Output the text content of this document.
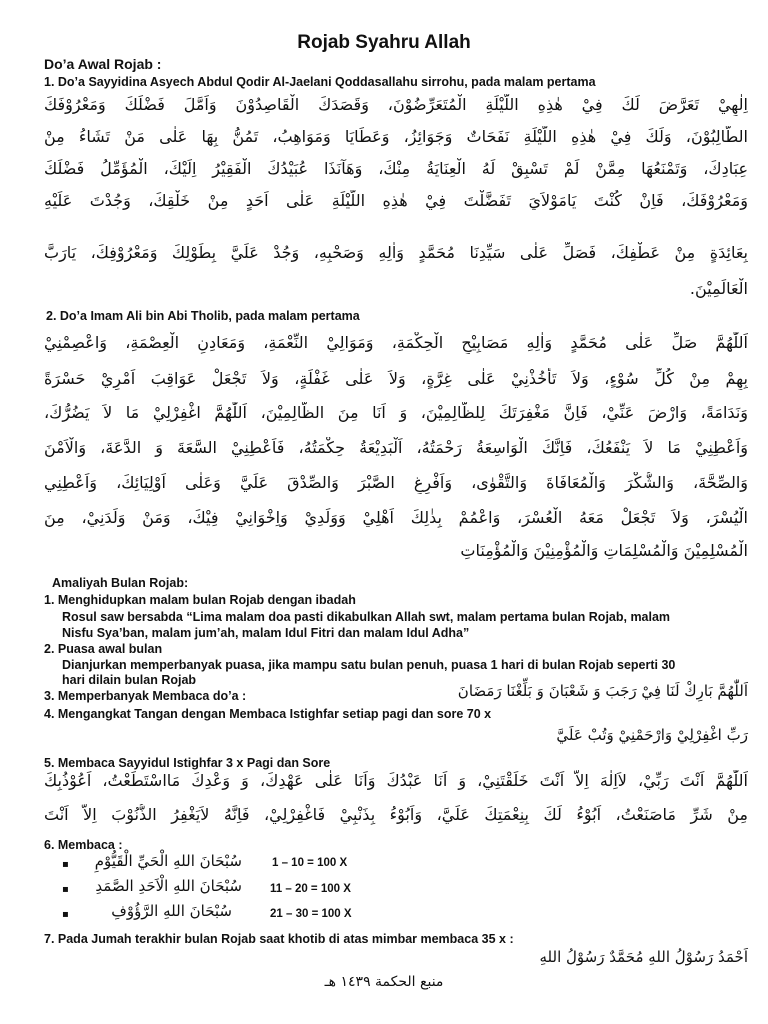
Rojab Syahru Allah
Do’a Awal Rojab :
1. Do’a Sayyidina Asyech Abdul Qodir Al-Jaelani Qoddasallahu sirrohu, pada malam pertama
اِلٰهِيْ تَعَرَّضَ لَكَ فِيْ هٰذِهِ اللَّيْلَةِ الْمُتَعَرِّضُوْنَ، وَقَصَدَكَ الْقَاصِدُوْنَ وَاَمَّلَ فَضْلَكَ وَمَعْرُوْفَكَ
الطَّالِبُوْنَ، وَلَكَ فِيْ هٰذِهِ اللَّيْلَةِ نَفَحَاتٌ وَجَوَائِزُ، وَعَطَايَا وَمَوَاهِبُ، تَمُنُّ بِهَا عَلٰى مَنْ تَشَاءُ مِنْ
عِبَادِكَ، وَتَمْنَعُهَا مِمَّنْ لَمْ تَسْبِقْ لَهُ الْعِنَايَةُ مِنْكَ، وَهَآنَذَا عُبَيْدُكَ الْفَقِيْرُ اِلَيْكَ، الْمُؤَمِّلُ فَضْلَكَ
وَمَعْرُوْفَكَ، فَاِنْ كُنْتَ يَامَوْلاَيَ تَفَضَّلْتَ فِيْ هٰذِهِ اللَّيْلَةِ عَلٰى اَحَدٍ مِنْ خَلْقِكَ، وَجُدْتَ عَلَيْهِ
بِعَائِدَةٍ مِنْ عَطْفِكَ، فَصَلِّ عَلٰى سَيِّدِنَا مُحَمَّدٍ وَاٰلِهِ وَصَحْبِهِ، وَجُدْ عَلَيَّ بِطَوْلِكَ وَمَعْرُوْفِكَ، يَارَبَّ
الْعَالَمِيْنَ.
2. Do’a Imam Ali bin Abi Tholib, pada malam pertama
اَللّٰهُمَّ صَلِّ عَلٰى مُحَمَّدٍ وَاٰلِهِ مَصَابِيْحِ الْحِكْمَةِ، وَمَوَالِيْ النِّعْمَةِ، وَمَعَادِنِ الْعِصْمَةِ، وَاعْصِمْنِيْ
بِهِمْ مِنْ كُلِّ سُوْءٍ، وَلاَ تَأْخُذْنِيْ عَلٰى غِرَّةٍ، وَلاَ عَلٰى غَفْلَةٍ، وَلاَ تَجْعَلْ عَوَاقِبَ اَمْرِيْ حَسْرَةً
وَنَدَامَةً، وَارْضَ عَنِّيْ، فَاِنَّ مَغْفِرَتَكَ لِلظَّالِمِيْنَ، وَ اَنَا مِنَ الظَّالِمِيْنَ، اَللّٰهُمَّ اغْفِرْلِيْ مَا لاَ يَضُرُّكَ،
وَاَعْطِنِيْ مَا لاَ يَنْفَعُكَ، فَاِنَّكَ الْوَاسِعَةُ رَحْمَتُهُ، اَلْبَدِيْعَةُ حِكْمَتُهُ، فَاَعْطِنِيْ السَّعَةَ وَ الدَّعَةَ، وَالْاَمْنَ
وَالصِّحَّةَ، وَالشُّكْرَ وَالْمُعَافَاةَ وَالتَّقْوٰى، وَاَفْرِغِ الصَّبْرَ وَالصِّدْقَ عَلَيَّ وَعَلٰى اَوْلِيَائِكَ، وَاَعْطِنِي
الْيُسْرَ، وَلاَ تَجْعَلْ مَعَهُ الْعُسْرَ، وَاعْمُمْ بِذٰلِكَ اَهْلِيْ وَوَلَدِيْ وَاِخْوَانِيْ فِيْكَ، وَمَنْ وَلَدَنِيْ، مِنَ
الْمُسْلِمِيْنَ وَالْمُسْلِمَاتِ وَالْمُؤْمِنِيْنَ وَالْمُؤْمِنَاتِ
Amaliyah Bulan Rojab:
1. Menghidupkan malam bulan Rojab dengan ibadah
Rosul saw bersabda “Lima malam doa pasti dikabulkan Allah swt, malam pertama bulan Rojab, malam
Nisfu Sya’ban, malam jum’ah, malam Idul Fitri dan malam Idul Adha”
2. Puasa awal bulan
Dianjurkan memperbanyak puasa, jika mampu satu bulan penuh, puasa 1 hari di bulan Rojab seperti 30
hari dilain bulan Rojab
3. Memperbanyak Membaca do’a :	اَللّٰهُمَّ بَارِكْ لَنَا فِيْ رَجَبَ وَ شَعْبَانَ وَ بَلِّغْنَا رَمَضَانَ
4. Mengangkat Tangan dengan Membaca Istighfar setiap pagi dan sore 70 x
رَبِّ اغْفِرْلِيْ وَارْحَمْنِيْ وَتُبْ عَلَيَّ
5. Membaca Sayyidul Istighfar 3 x Pagi dan Sore
اَللّٰهُمَّ اَنْتَ رَبِّيْ، لاَاِلٰهَ اِلاَّ اَنْتَ خَلَقْتَنِيْ، وَ اَنَا عَبْدُكَ وَاَنَا عَلٰى عَهْدِكَ، وَ وَعْدِكَ مَااسْتَطَعْتُ، اَعُوْذُبِكَ
مِنْ شَرِّ مَاصَنَعْتُ، اَبُوْءُ لَكَ بِنِعْمَتِكَ عَلَيَّ، وَاَبُوْءُ بِذَنْبِيْ فَاغْفِرْلِيْ، فَاِنَّهُ لاَيَغْفِرُ الذُّنُوْبَ اِلاَّ اَنْتَ
6. Membaca :
▪	سُبْحَانَ اللهِ الْحَيِّ الْقَيُّوْمِ	1 – 10 = 100 X
▪	سُبْحَانَ اللهِ الْاَحَدِ الصَّمَدِ 11 – 20 = 100 X
▪	سُبْحَانَ اللهِ الرَّؤُوْفِ	21 – 30 = 100 X
7. Pada Jumah terakhir bulan Rojab saat khotib di atas mimbar membaca 35 x :
اَحْمَدُ رَسُوْلُ اللهِ مُحَمَّدٌ رَسُوْلُ اللهِ
منبع الحكمة ١٤٣٩ هـ
